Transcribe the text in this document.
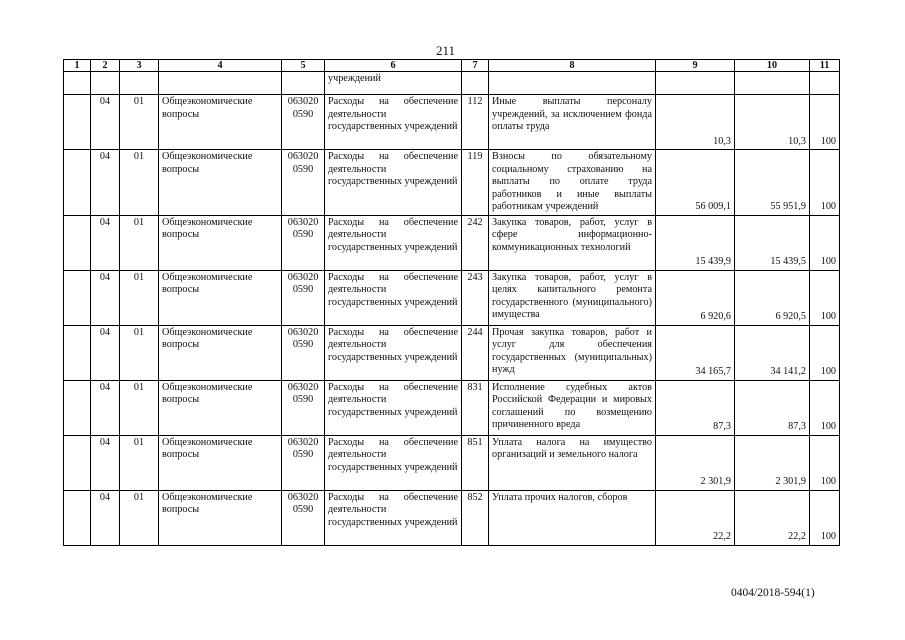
211
1	2	3	4	5	6	7	8	9	10	11
					учреждений					
	04	01	Общеэкономические вопросы	063020 0590	Расходы на обеспечение деятельности государственных учреждений	112	Иные выплаты персоналу учреждений, за исключением фонда оплаты труда	10,3	10,3	100
	04	01	Общеэкономические вопросы	063020 0590	Расходы на обеспечение деятельности государственных учреждений	119	Взносы по обязательному социальному страхованию на выплаты по оплате труда работников и иные выплаты работникам учреждений	56 009,1	55 951,9	100
	04	01	Общеэкономические вопросы	063020 0590	Расходы на обеспечение деятельности государственных учреждений	242	Закупка товаров, работ, услуг в сфере информационно-коммуникационных технологий	15 439,9	15 439,5	100
	04	01	Общеэкономические вопросы	063020 0590	Расходы на обеспечение деятельности государственных учреждений	243	Закупка товаров, работ, услуг в целях капитального ремонта государственного (муниципального) имущества	6 920,6	6 920,5	100
	04	01	Общеэкономические вопросы	063020 0590	Расходы на обеспечение деятельности государственных учреждений	244	Прочая закупка товаров, работ и услуг для обеспечения государственных (муниципальных) нужд	34 165,7	34 141,2	100
	04	01	Общеэкономические вопросы	063020 0590	Расходы на обеспечение деятельности государственных учреждений	831	Исполнение судебных актов Российской Федерации и мировых соглашений по возмещению причиненного вреда	87,3	87,3	100
	04	01	Общеэкономические вопросы	063020 0590	Расходы на обеспечение деятельности государственных учреждений	851	Уплата налога на имущество организаций и земельного налога	2 301,9	2 301,9	100
	04	01	Общеэкономические вопросы	063020 0590	Расходы на обеспечение деятельности государственных учреждений	852	Уплата прочих налогов, сборов	22,2	22,2	100
0404/2018-594(1)
